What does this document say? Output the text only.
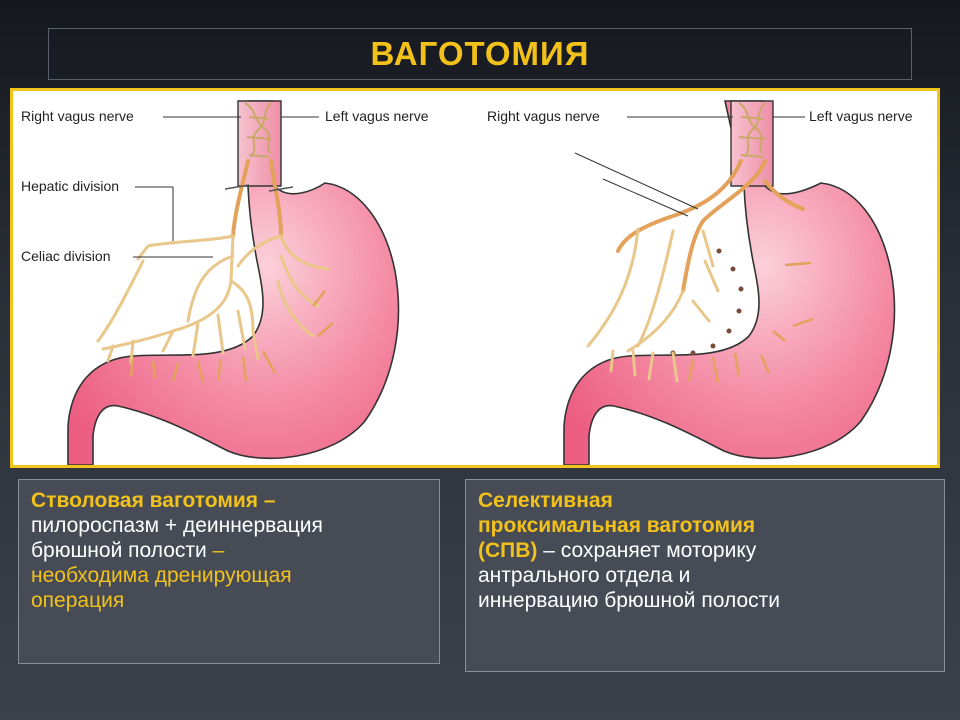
ВАГОТОМИЯ
Right vagus nerve	Left vagus nerve
Hepatic division
Celiac division
Right vagus nerve	Left vagus nerve
Стволовая ваготомия –
пилороспазм + деиннервация
брюшной полости –
необходима дренирующая
операция
Селективная
проксимальная ваготомия
(СПВ) – сохраняет моторику
антрального отдела и
иннервацию брюшной полости
